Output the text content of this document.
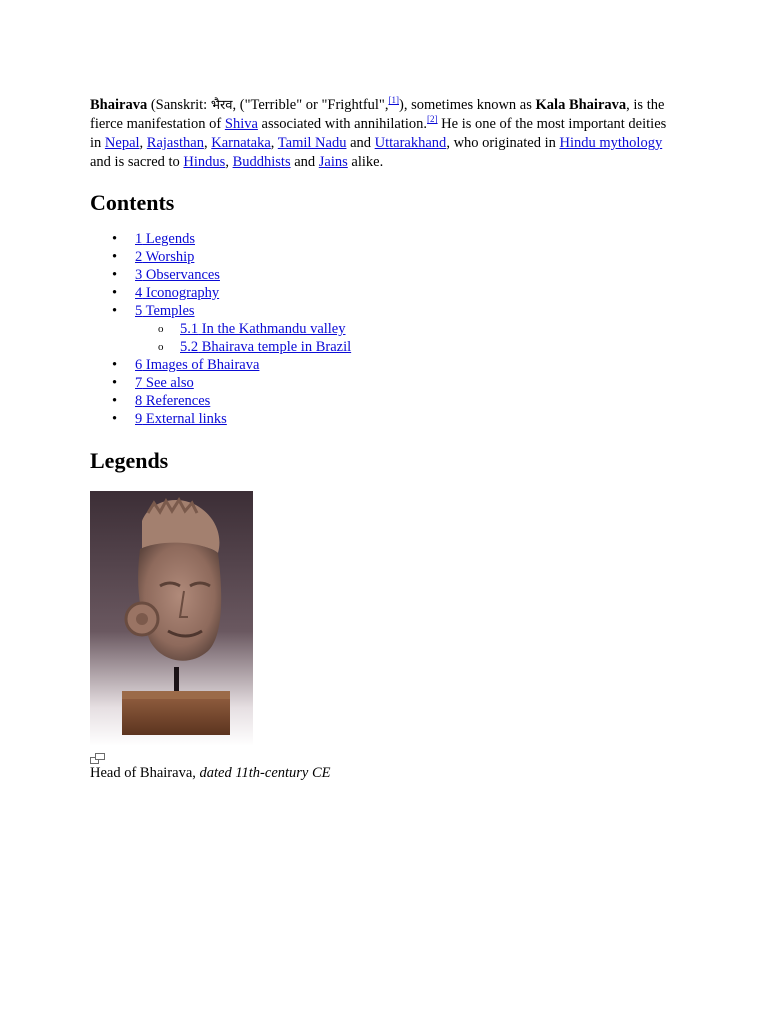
Bhairava (Sanskrit: भैरव, ("Terrible" or "Frightful",[1]), sometimes known as Kala Bhairava, is the fierce manifestation of Shiva associated with annihilation.[2] He is one of the most important deities in Nepal, Rajasthan, Karnataka, Tamil Nadu and Uttarakhand, who originated in Hindu mythology and is sacred to Hindus, Buddhists and Jains alike.

Contents
• 1 Legends
• 2 Worship
• 3 Observances
• 4 Iconography
• 5 Temples
o 5.1 In the Kathmandu valley
o 5.2 Bhairava temple in Brazil
• 6 Images of Bhairava
• 7 See also
• 8 References
• 9 External links
Legends
Head of Bhairava, dated 11th-century CE
